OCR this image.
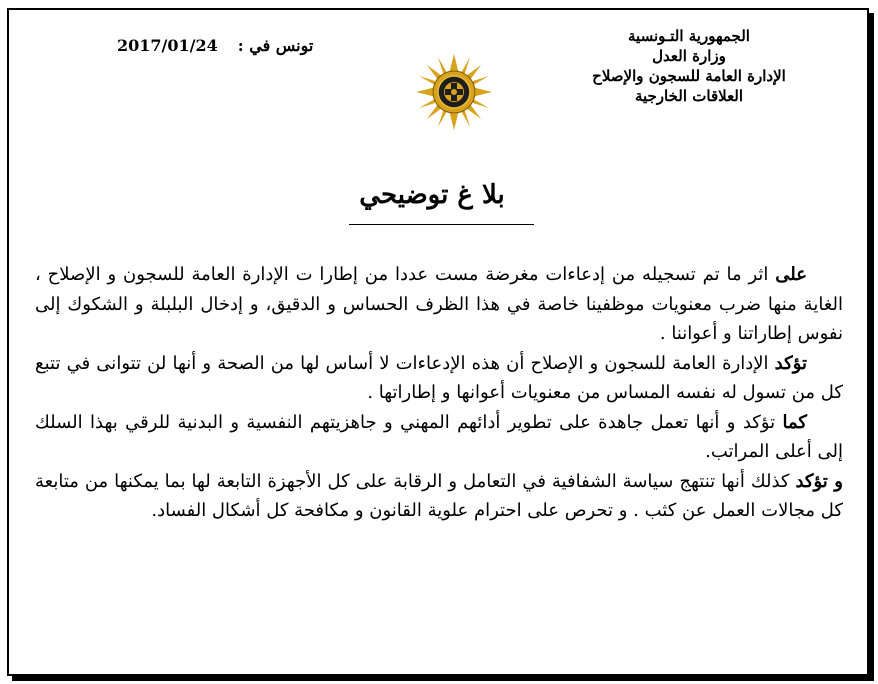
الجمهورية التـونسية
وزارة العدل
الإدارة العامة للسجون والإصلاح
العلاقات الخارجية
2017/01/24 تونس في :
بلا غ توضيحي

على اثر ما تم تسجيله من إدعاءات مغرضة مست عددا من إطارا ت الإدارة العامة للسجون و الإصلاح ، الغاية منها ضرب معنويات موظفينا خاصة في هذا الظرف الحساس و الدقيق، و إدخال البلبلة و الشكوك إلى نفوس إطاراتنا و أعواننا .

تؤكد الإدارة العامة للسجون و الإصلاح أن هذه الإدعاءات لا أساس لها من الصحة و أنها لن تتوانى في تتبع كل من تسول له نفسه المساس من معنويات أعوانها و إطاراتها .

كما تؤكد و أنها تعمل جاهدة على تطوير أدائهم المهني و جاهزيتهم النفسية و البدنية للرقي بهذا السلك إلى أعلى المراتب.

و تؤكد كذلك أنها تنتهج سياسة الشفافية في التعامل و الرقابة على كل الأجهزة التابعة لها بما يمكنها من متابعة كل مجالات العمل عن كثب . و تحرص على احترام علوية القانون و مكافحة كل أشكال الفساد.
